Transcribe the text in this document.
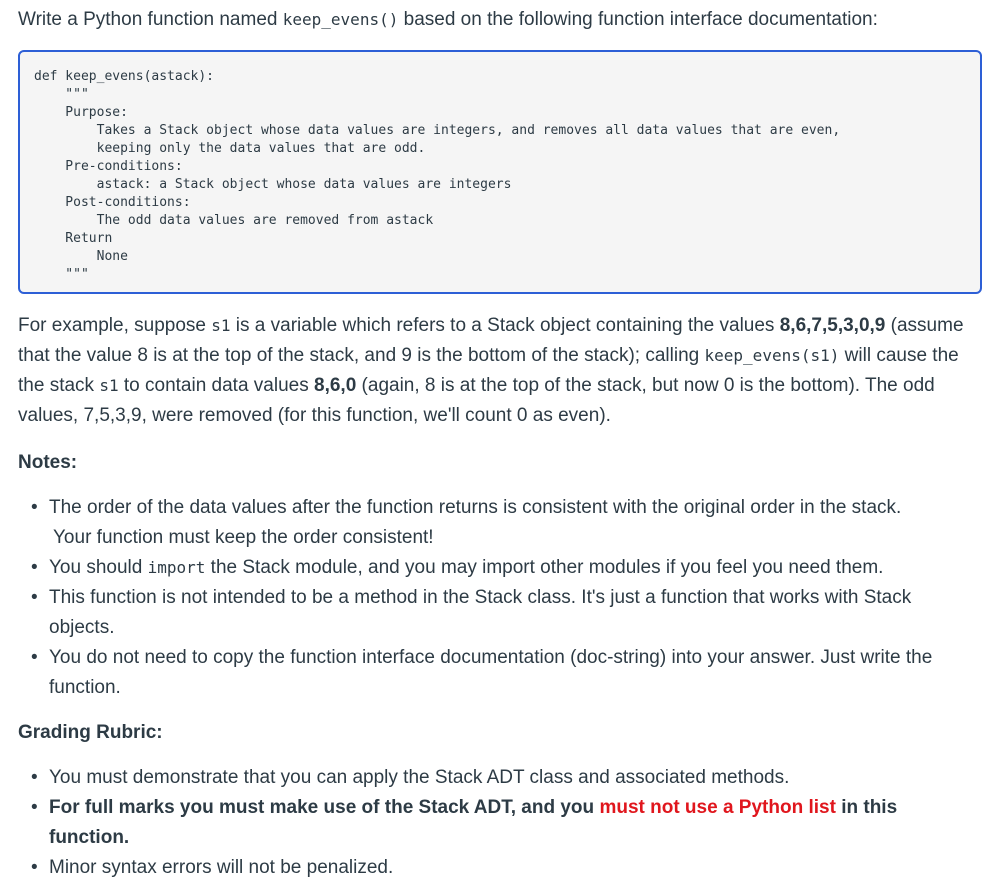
Write a Python function named keep_evens() based on the following function interface documentation:

def keep_evens(astack):
"""
Purpose:
Takes a Stack object whose data values are integers, and removes all data values that are even,
keeping only the data values that are odd.
Pre-conditions:
astack: a Stack object whose data values are integers
Post-conditions:
The odd data values are removed from astack
Return
None
"""

For example, suppose s1 is a variable which refers to a Stack object containing the values 8,6,7,5,3,0,9 (assume that the value 8 is at the top of the stack, and 9 is the bottom of the stack); calling keep_evens(s1) will cause the the stack s1 to contain data values 8,6,0 (again, 8 is at the top of the stack, but now 0 is the bottom). The odd values, 7,5,3,9, were removed (for this function, we'll count 0 as even).

Notes:

• The order of the data values after the function returns is consistent with the original order in the stack.
Your function must keep the order consistent!
• You should import the Stack module, and you may import other modules if you feel you need them.
• This function is not intended to be a method in the Stack class. It's just a function that works with Stack objects.
• You do not need to copy the function interface documentation (doc-string) into your answer. Just write the function.

Grading Rubric:

• You must demonstrate that you can apply the Stack ADT class and associated methods.
• For full marks you must make use of the Stack ADT, and you must not use a Python list in this function.
• Minor syntax errors will not be penalized.
